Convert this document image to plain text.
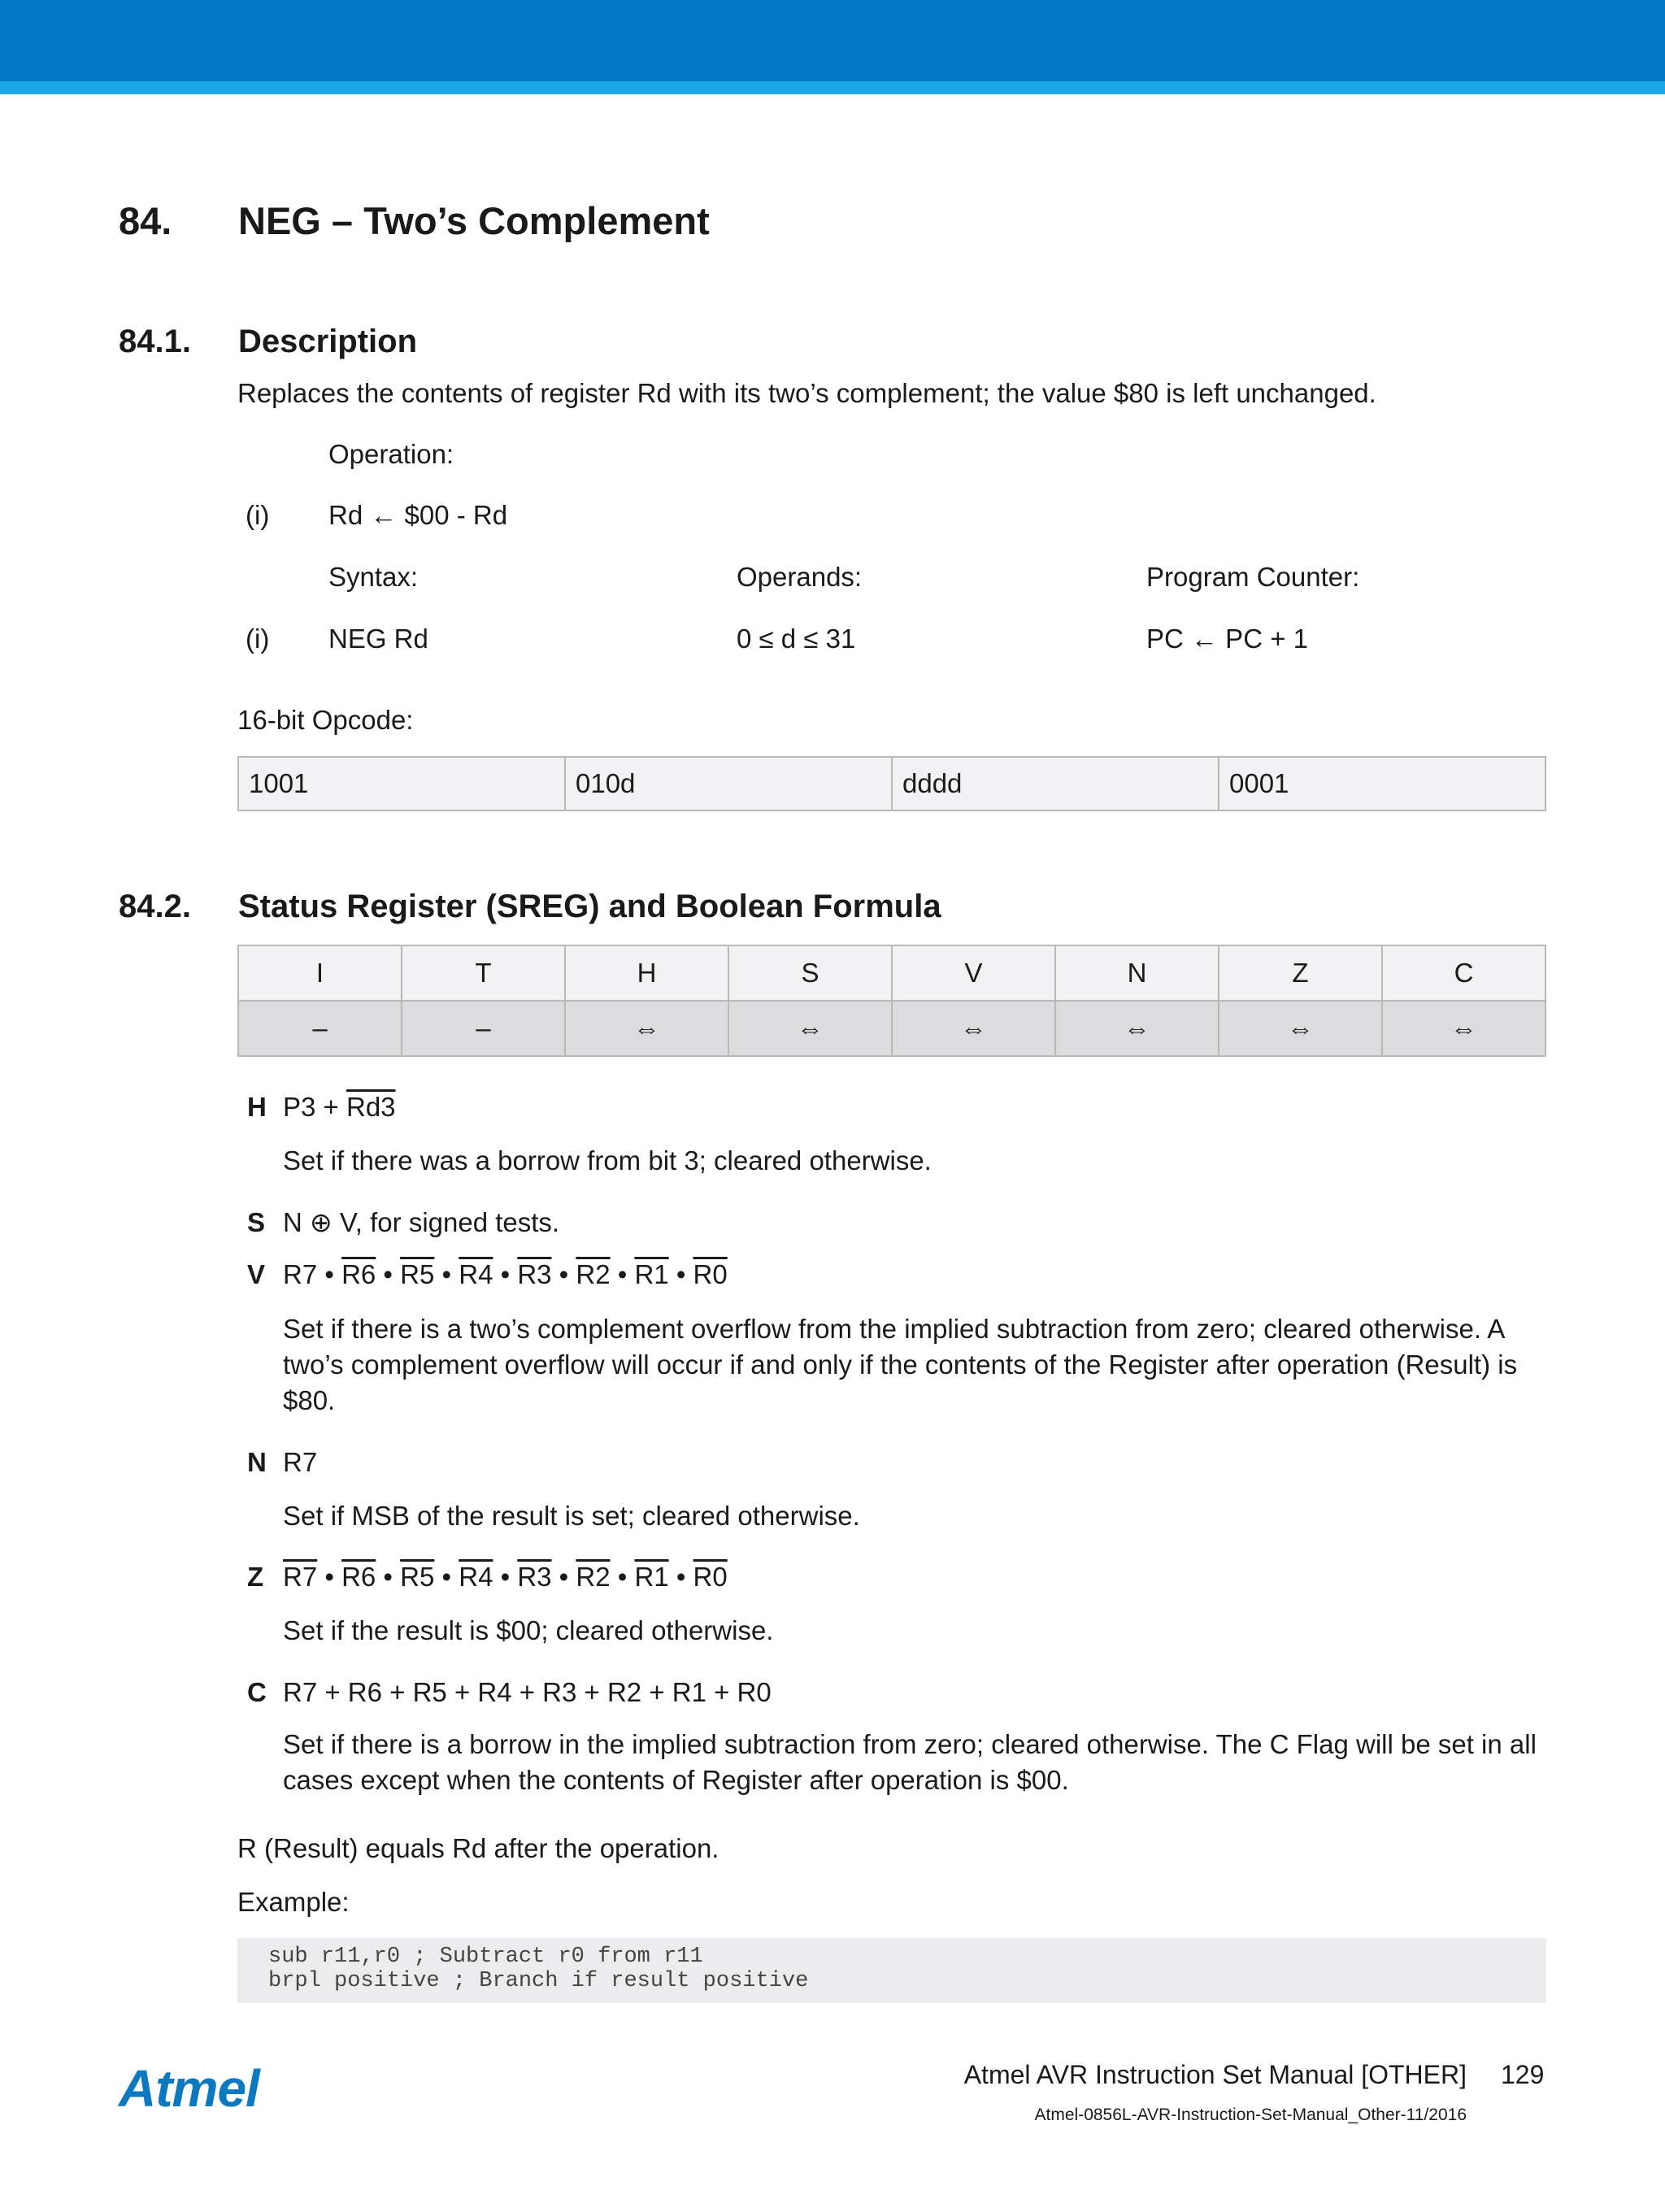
84. NEG – Two’s Complement
84.1. Description
Replaces the contents of register Rd with its two’s complement; the value $80 is left unchanged.
Operation:
(i) Rd ← $00 - Rd
Syntax:	Operands:	Program Counter:
(i) NEG Rd	0 ≤ d ≤ 31	PC ← PC + 1
16-bit Opcode:
1001	010d	dddd	0001
84.2. Status Register (SREG) and Boolean Formula
I	T	H	S	V	N	Z	C
–	–	⇔	⇔	⇔	⇔	⇔	⇔
H P3 + Rd3
Set if there was a borrow from bit 3; cleared otherwise.
S N ⊕ V, for signed tests.
V R7 • R6 • R5 • R4 • R3 • R2 • R1 • R0
Set if there is a two’s complement overflow from the implied subtraction from zero; cleared otherwise. A two’s complement overflow will occur if and only if the contents of the Register after operation (Result) is $80.
N R7
Set if MSB of the result is set; cleared otherwise.
Z R7 • R6 • R5 • R4 • R3 • R2 • R1 • R0
Set if the result is $00; cleared otherwise.
C R7 + R6 + R5 + R4 + R3 + R2 + R1 + R0
Set if there is a borrow in the implied subtraction from zero; cleared otherwise. The C Flag will be set in all cases except when the contents of Register after operation is $00.
R (Result) equals Rd after the operation.
Example:
sub r11,r0 ; Subtract r0 from r11
brpl positive ; Branch if result positive
Atmel	Atmel AVR Instruction Set Manual [OTHER] 129
Atmel-0856L-AVR-Instruction-Set-Manual_Other-11/2016
